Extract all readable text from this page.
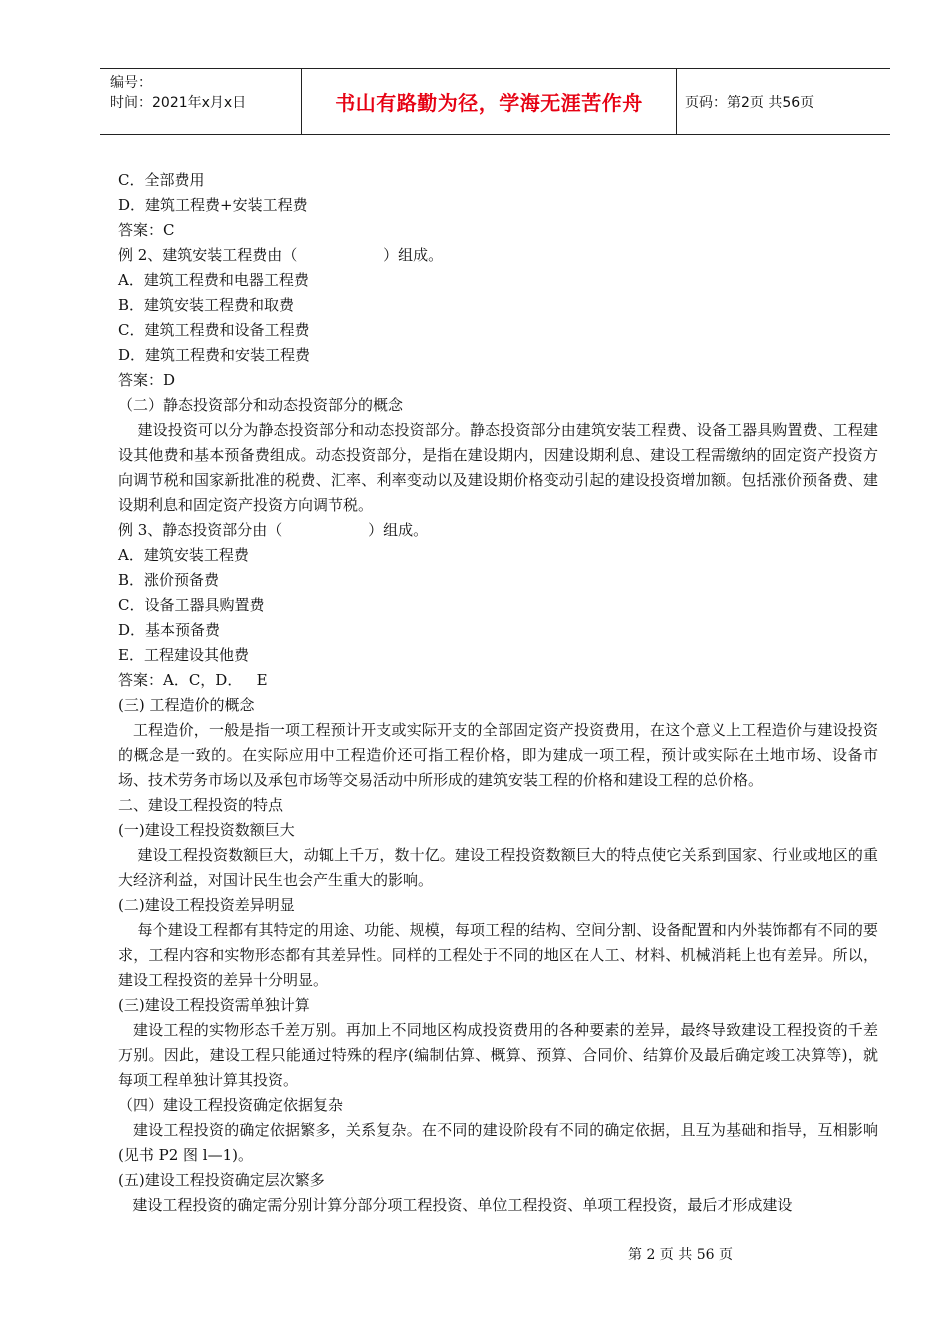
编号：
时间：2021年x月x日	书山有路勤为径，学海无涯苦作舟	页码：第2页 共56页
C．全部费用
D．建筑工程费+安装工程费
答案：C
例 2、建筑安装工程费由（                  ）组成。
A．建筑工程费和电器工程费
B．建筑安装工程费和取费
C．建筑工程费和设备工程费
D．建筑工程费和安装工程费
答案：D
（二）静态投资部分和动态投资部分的概念
建设投资可以分为静态投资部分和动态投资部分。静态投资部分由建筑安装工程费、设备工器具购置费、工程建设其他费和基本预备费组成。动态投资部分，是指在建设期内，因建设期利息、建设工程需缴纳的固定资产投资方向调节税和国家新批准的税费、汇率、利率变动以及建设期价格变动引起的建设投资增加额。包括涨价预备费、建设期利息和固定资产投资方向调节税。
例 3、静态投资部分由（                  ）组成。
A．建筑安装工程费
B．涨价预备费
C．设备工器具购置费
D．基本预备费
E．工程建设其他费
答案：A．C，D．   E
(三) 工程造价的概念
工程造价，一般是指一项工程预计开支或实际开支的全部固定资产投资费用，在这个意义上工程造价与建设投资的概念是一致的。在实际应用中工程造价还可指工程价格，即为建成一项工程，预计或实际在土地市场、设备市场、技术劳务市场以及承包市场等交易活动中所形成的建筑安装工程的价格和建设工程的总价格。
二、建设工程投资的特点
(一)建设工程投资数额巨大
建设工程投资数额巨大，动辄上千万，数十亿。建设工程投资数额巨大的特点使它关系到国家、行业或地区的重大经济利益，对国计民生也会产生重大的影响。
(二)建设工程投资差异明显
每个建设工程都有其特定的用途、功能、规模，每项工程的结构、空间分割、设备配置和内外装饰都有不同的要求，工程内容和实物形态都有其差异性。同样的工程处于不同的地区在人工、材料、机械消耗上也有差异。所以，建设工程投资的差异十分明显。
(三)建设工程投资需单独计算
建设工程的实物形态千差万别。再加上不同地区构成投资费用的各种要素的差异，最终导致建设工程投资的千差万别。因此，建设工程只能通过特殊的程序(编制估算、概算、预算、合同价、结算价及最后确定竣工决算等)，就每项工程单独计算其投资。
（四）建设工程投资确定依据复杂
建设工程投资的确定依据繁多，关系复杂。在不同的建设阶段有不同的确定依据，且互为基础和指导，互相影响(见书 P2 图 l—1)。
(五)建设工程投资确定层次繁多
建设工程投资的确定需分别计算分部分项工程投资、单位工程投资、单项工程投资，最后才形成建设
第 2 页 共 56 页
